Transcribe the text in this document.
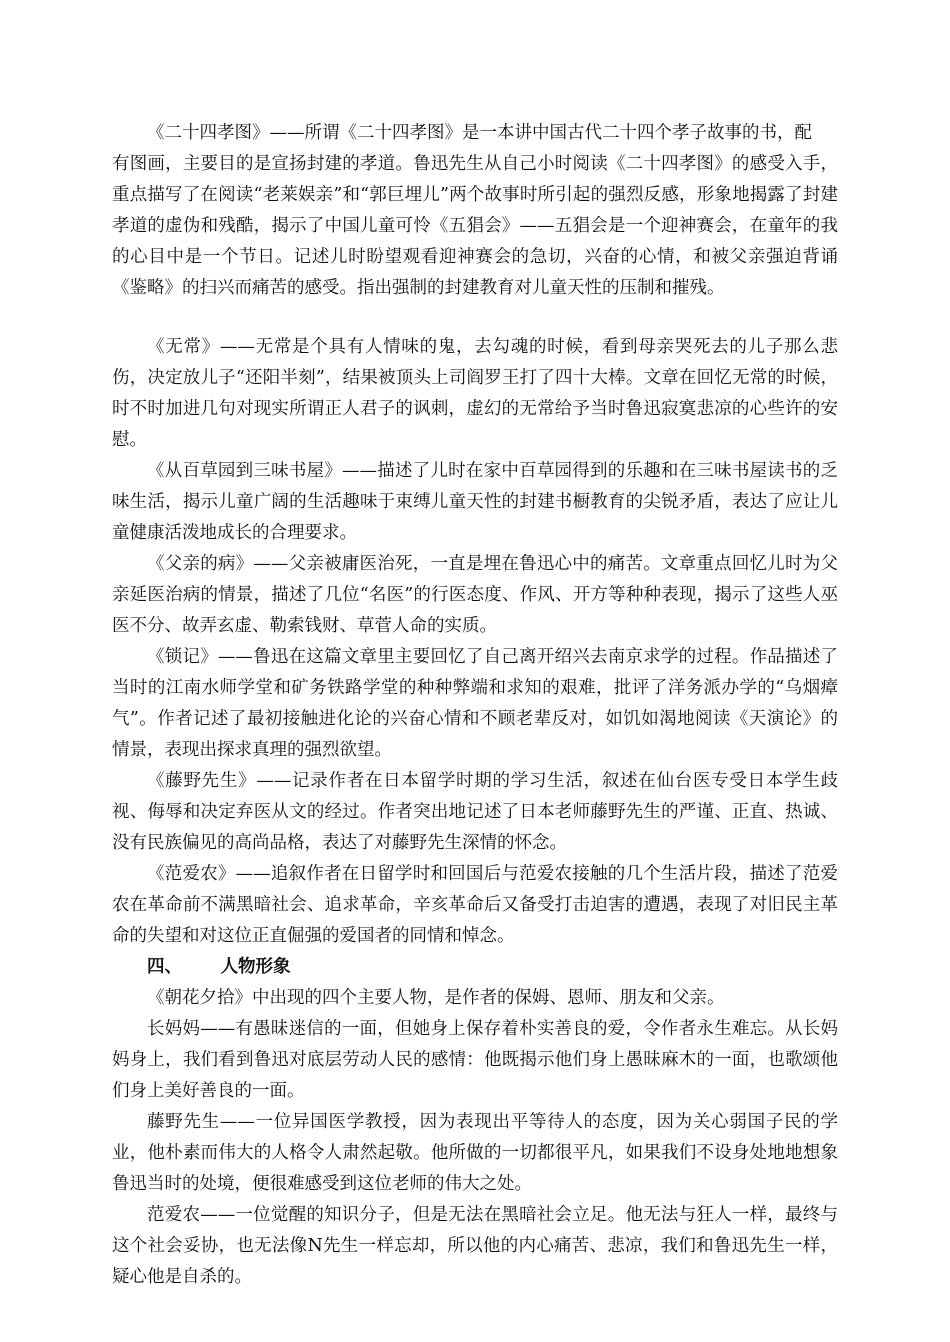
《二十四孝图》——所谓《二十四孝图》是一本讲中国古代二十四个孝子故事的书，配

有图画，主要目的是宣扬封建的孝道。鲁迅先生从自己小时阅读《二十四孝图》的感受入手，重点描写了在阅读“老莱娱亲”和“郭巨埋儿”两个故事时所引起的强烈反感，形象地揭露了封建孝道的虚伪和残酷，揭示了中国儿童可怜《五猖会》——五猖会是一个迎神赛会，在童年的我的心目中是一个节日。记述儿时盼望观看迎神赛会的急切，兴奋的心情，和被父亲强迫背诵《鉴略》的扫兴而痛苦的感受。指出强制的封建教育对儿童天性的压制和摧残。

《无常》——无常是个具有人情味的鬼，去勾魂的时候，看到母亲哭死去的儿子那么悲伤，决定放儿子“还阳半刻”，结果被顶头上司阎罗王打了四十大棒。文章在回忆无常的时候，时不时加进几句对现实所谓正人君子的讽刺，虚幻的无常给予当时鲁迅寂寞悲凉的心些许的安慰。

《从百草园到三味书屋》——描述了儿时在家中百草园得到的乐趣和在三味书屋读书的乏味生活，揭示儿童广阔的生活趣味于束缚儿童天性的封建书橱教育的尖锐矛盾，表达了应让儿童健康活泼地成长的合理要求。

《父亲的病》——父亲被庸医治死，一直是埋在鲁迅心中的痛苦。文章重点回忆儿时为父亲延医治病的情景，描述了几位“名医”的行医态度、作风、开方等种种表现，揭示了这些人巫医不分、故弄玄虚、勒索钱财、草菅人命的实质。

《锁记》——鲁迅在这篇文章里主要回忆了自己离开绍兴去南京求学的过程。作品描述了当时的江南水师学堂和矿务铁路学堂的种种弊端和求知的艰难，批评了洋务派办学的“乌烟瘴气”。作者记述了最初接触进化论的兴奋心情和不顾老辈反对，如饥如渴地阅读《天演论》的情景，表现出探求真理的强烈欲望。

《藤野先生》——记录作者在日本留学时期的学习生活，叙述在仙台医专受日本学生歧视、侮辱和决定弃医从文的经过。作者突出地记述了日本老师藤野先生的严谨、正直、热诚、没有民族偏见的高尚品格，表达了对藤野先生深情的怀念。

《范爱农》——追叙作者在日留学时和回国后与范爱农接触的几个生活片段，描述了范爱农在革命前不满黑暗社会、追求革命，辛亥革命后又备受打击迫害的遭遇，表现了对旧民主革命的失望和对这位正直倔强的爱国者的同情和悼念。

四、 人物形象

《朝花夕拾》中出现的四个主要人物，是作者的保姆、恩师、朋友和父亲。

长妈妈——有愚昧迷信的一面，但她身上保存着朴实善良的爱，令作者永生难忘。从长妈妈身上，我们看到鲁迅对底层劳动人民的感情：他既揭示他们身上愚昧麻木的一面，也歌颂他们身上美好善良的一面。

藤野先生——一位异国医学教授，因为表现出平等待人的态度，因为关心弱国子民的学业，他朴素而伟大的人格令人肃然起敬。他所做的一切都很平凡，如果我们不设身处地地想象鲁迅当时的处境，便很难感受到这位老师的伟大之处。

范爱农——一位觉醒的知识分子，但是无法在黑暗社会立足。他无法与狂人一样，最终与这个社会妥协，也无法像N先生一样忘却，所以他的内心痛苦、悲凉，我们和鲁迅先生一样，疑心他是自杀的。
